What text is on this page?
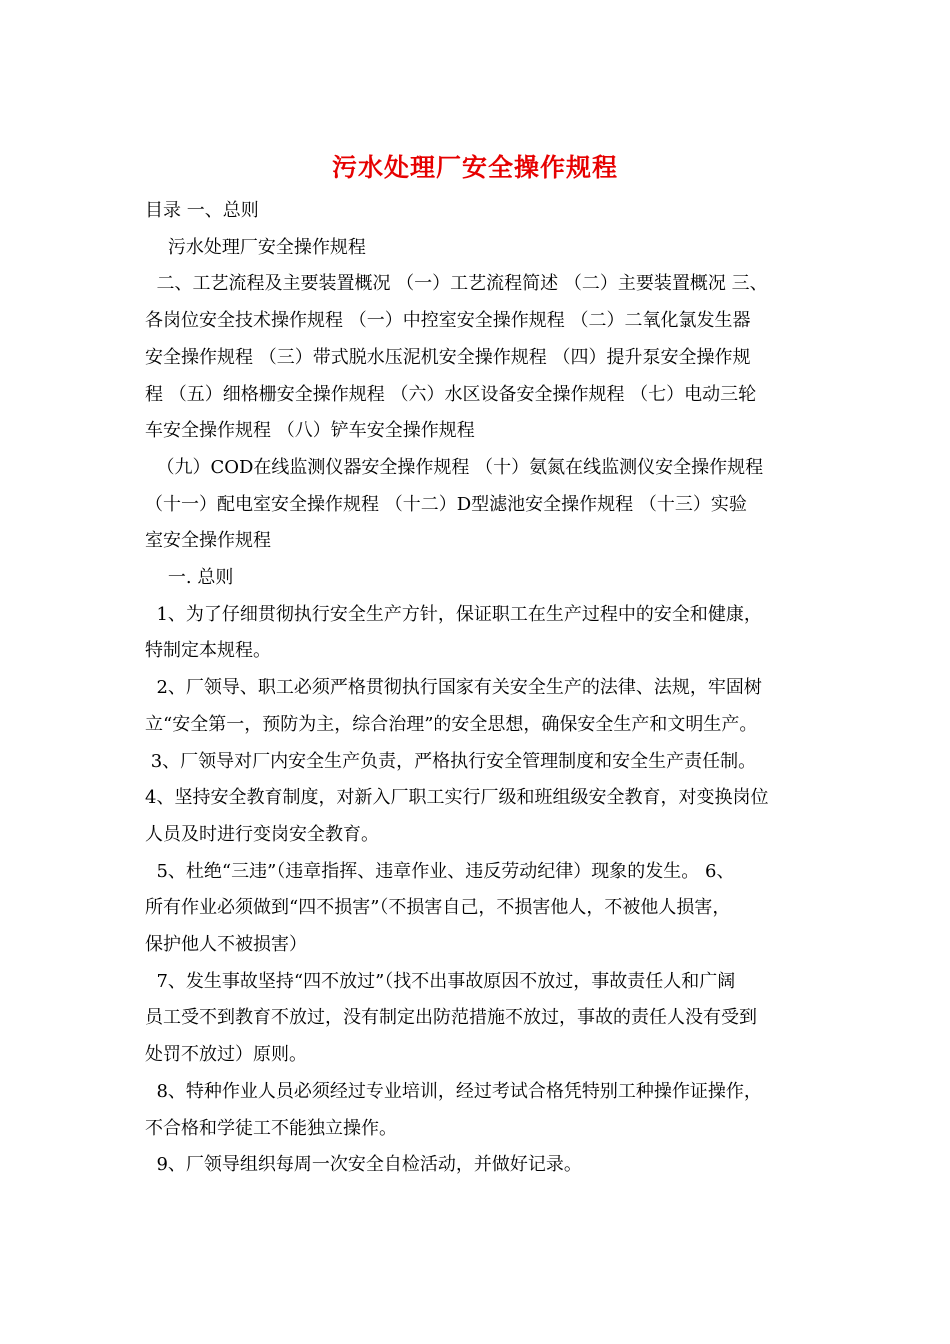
污水处理厂安全操作规程
目录 一、总则
污水处理厂安全操作规程
二、工艺流程及主要装置概况 （一）工艺流程简述 （二）主要装置概况 三、
各岗位安全技术操作规程 （一）中控室安全操作规程 （二）二氧化氯发生器
安全操作规程 （三）带式脱水压泥机安全操作规程 （四）提升泵安全操作规
程 （五）细格栅安全操作规程 （六）水区设备安全操作规程 （七）电动三轮
车安全操作规程 （八）铲车安全操作规程
（九）COD在线监测仪器安全操作规程 （十）氨氮在线监测仪安全操作规程
（十一）配电室安全操作规程 （十二）D型滤池安全操作规程 （十三）实验
室安全操作规程
一. 总则
1、为了仔细贯彻执行安全生产方针，保证职工在生产过程中的安全和健康，
特制定本规程。
2、厂领导、职工必须严格贯彻执行国家有关安全生产的法律、法规，牢固树
立“安全第一，预防为主，综合治理”的安全思想，确保安全生产和文明生产。
3、厂领导对厂内安全生产负责，严格执行安全管理制度和安全生产责任制。
4、坚持安全教育制度，对新入厂职工实行厂级和班组级安全教育，对变换岗位
人员及时进行变岗安全教育。
5、杜绝“三违”（违章指挥、违章作业、违反劳动纪律）现象的发生。 6、
所有作业必须做到“四不损害”（不损害自己，不损害他人，不被他人损害，
保护他人不被损害）
7、发生事故坚持“四不放过”（找不出事故原因不放过，事故责任人和广阔
员工受不到教育不放过，没有制定出防范措施不放过，事故的责任人没有受到
处罚不放过）原则。
8、特种作业人员必须经过专业培训，经过考试合格凭特别工种操作证操作，
不合格和学徒工不能独立操作。
9、厂领导组织每周一次安全自检活动，并做好记录。
